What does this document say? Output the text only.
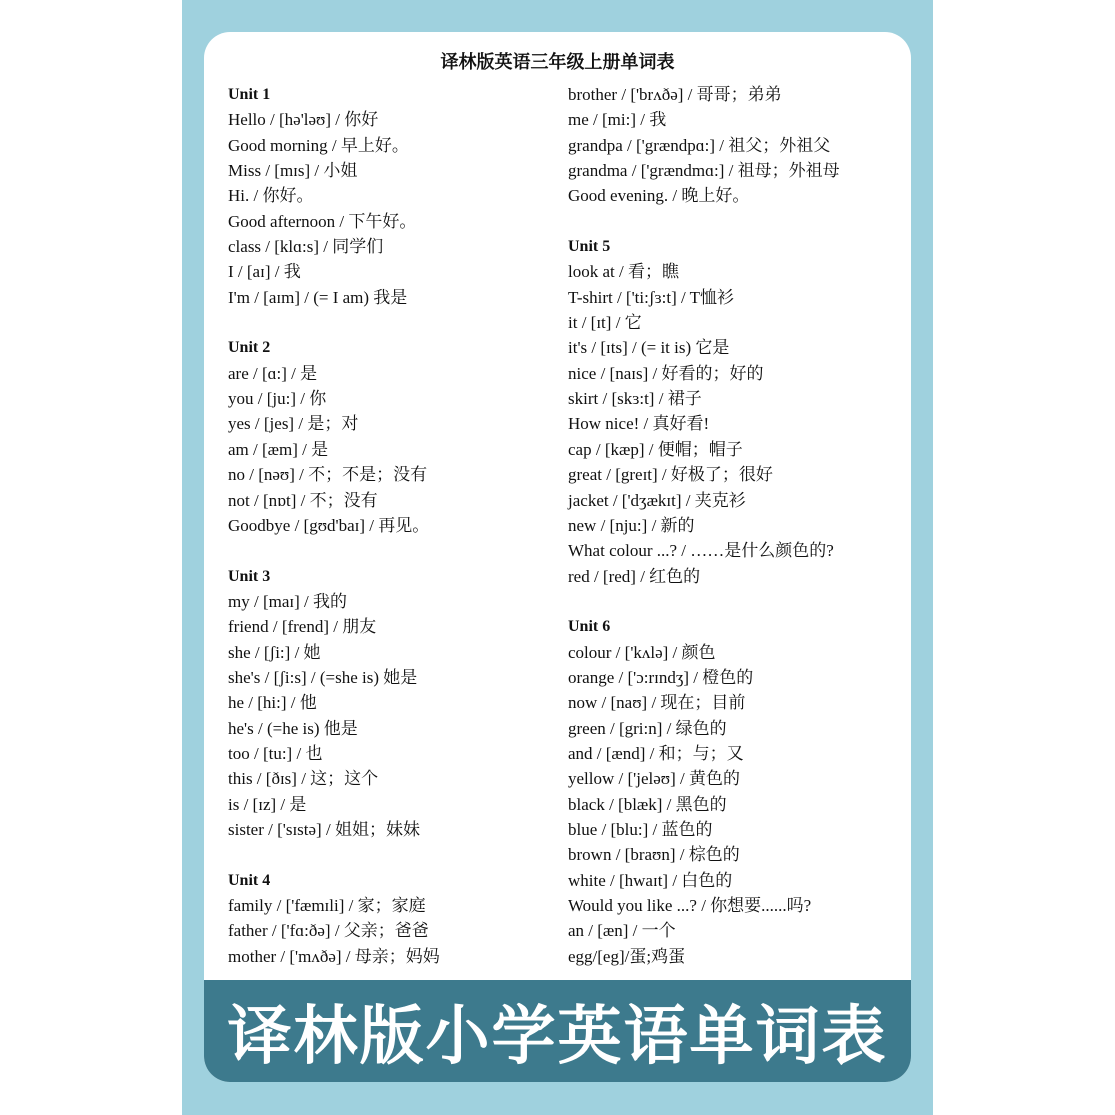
译林版英语三年级上册单词表
Unit 1
Hello / [hə'ləʊ] / 你好
Good morning / 早上好。
Miss / [mɪs] / 小姐
Hi. / 你好。
Good afternoon / 下午好。
class / [klɑ:s] / 同学们
I / [aɪ] / 我
I'm / [aɪm] / (= I am) 我是
Unit 2
are / [ɑ:] / 是
you / [ju:] / 你
yes / [jes] / 是；对
am / [æm] / 是
no / [nəʊ] / 不；不是；没有
not / [nɒt] / 不；没有
Goodbye / [gʊd'baɪ] / 再见。
Unit 3
my / [maɪ] / 我的
friend / [frend] / 朋友
she / [ʃi:] / 她
she's / [ʃi:s] / (=she is) 她是
he / [hi:] / 他
he's / (=he is) 他是
too / [tu:] / 也
this / [ðɪs] / 这；这个
is / [ɪz] / 是
sister / ['sɪstə] / 姐姐；妹妹
Unit 4
family / ['fæmɪli] / 家；家庭
father / ['fɑ:ðə] / 父亲；爸爸
mother / ['mʌðə] / 母亲；妈妈
brother / ['brʌðə] / 哥哥；弟弟
me / [mi:] / 我
grandpa / ['grændpɑ:] / 祖父；外祖父
grandma / ['grændmɑ:] / 祖母；外祖母
Good evening. / 晚上好。
Unit 5
look at / 看；瞧
T-shirt / ['ti:ʃɜ:t] / T恤衫
it / [ɪt] / 它
it's / [ɪts] / (= it is) 它是
nice / [naɪs] / 好看的；好的
skirt / [skɜ:t] / 裙子
How nice! / 真好看!
cap / [kæp] / 便帽；帽子
great / [greɪt] / 好极了；很好
jacket / ['dʒækɪt] / 夹克衫
new / [nju:] / 新的
What colour ...? / ……是什么颜色的?
red / [red] / 红色的
Unit 6
colour / ['kʌlə] / 颜色
orange / ['ɔ:rɪndʒ] / 橙色的
now / [naʊ] / 现在；目前
green / [gri:n] / 绿色的
and / [ænd] / 和；与；又
yellow / ['jeləʊ] / 黄色的
black / [blæk] / 黑色的
blue / [blu:] / 蓝色的
brown / [braʊn] / 棕色的
white / [hwaɪt] / 白色的
Would you like ...? / 你想要......吗?
an / [æn] / 一个
egg/[eg]/蛋;鸡蛋
译林版小学英语单词表
